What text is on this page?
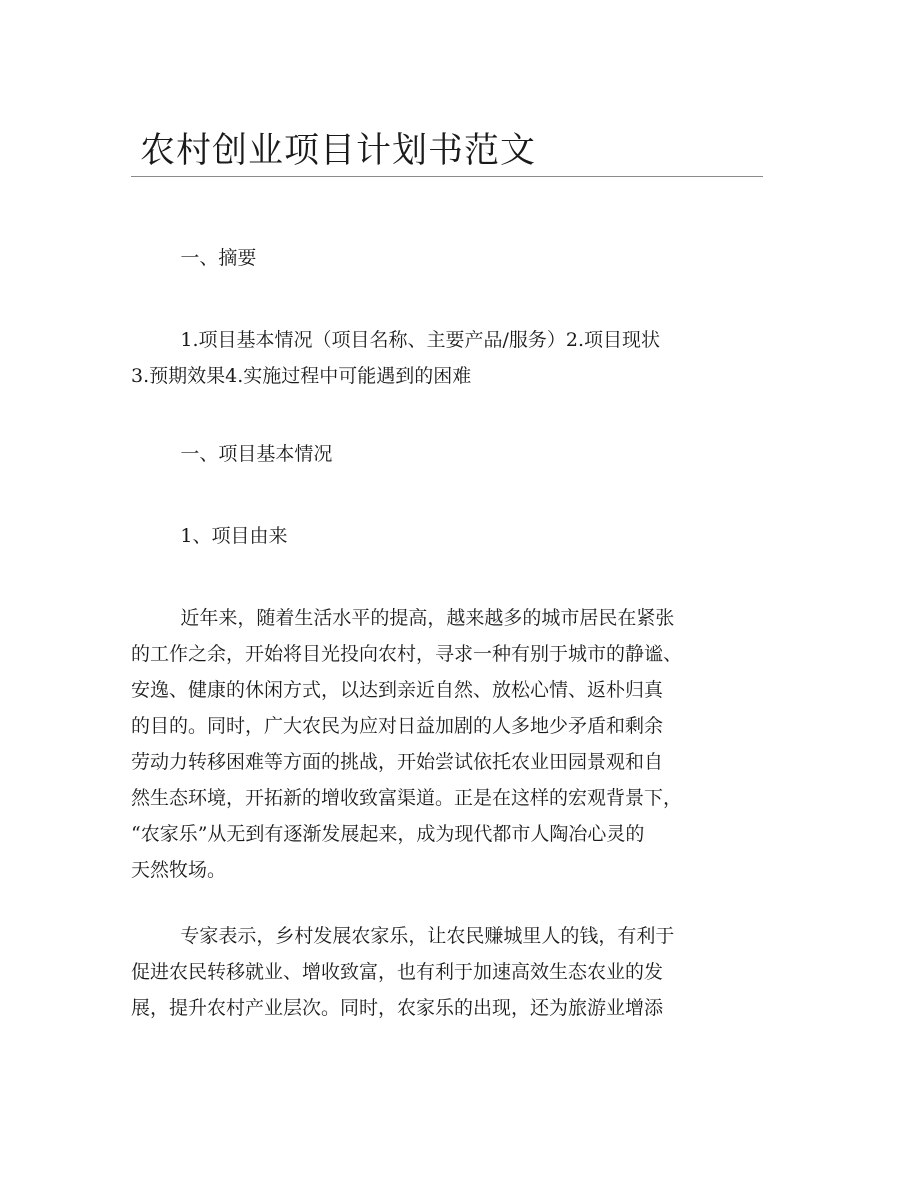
农村创业项目计划书范文

一、摘要

1.项目基本情况（项目名称、主要产品/服务）2.项目现状
3.预期效果4.实施过程中可能遇到的困难

一、项目基本情况

1、项目由来

近年来，随着生活水平的提高，越来越多的城市居民在紧张
的工作之余，开始将目光投向农村，寻求一种有别于城市的静谧、
安逸、健康的休闲方式，以达到亲近自然、放松心情、返朴归真
的目的。同时，广大农民为应对日益加剧的人多地少矛盾和剩余
劳动力转移困难等方面的挑战，开始尝试依托农业田园景观和自
然生态环境，开拓新的增收致富渠道。正是在这样的宏观背景下，
“农家乐”从无到有逐渐发展起来，成为现代都市人陶冶心灵的
天然牧场。

专家表示，乡村发展农家乐，让农民赚城里人的钱，有利于
促进农民转移就业、增收致富，也有利于加速高效生态农业的发
展，提升农村产业层次。同时，农家乐的出现，还为旅游业增添
